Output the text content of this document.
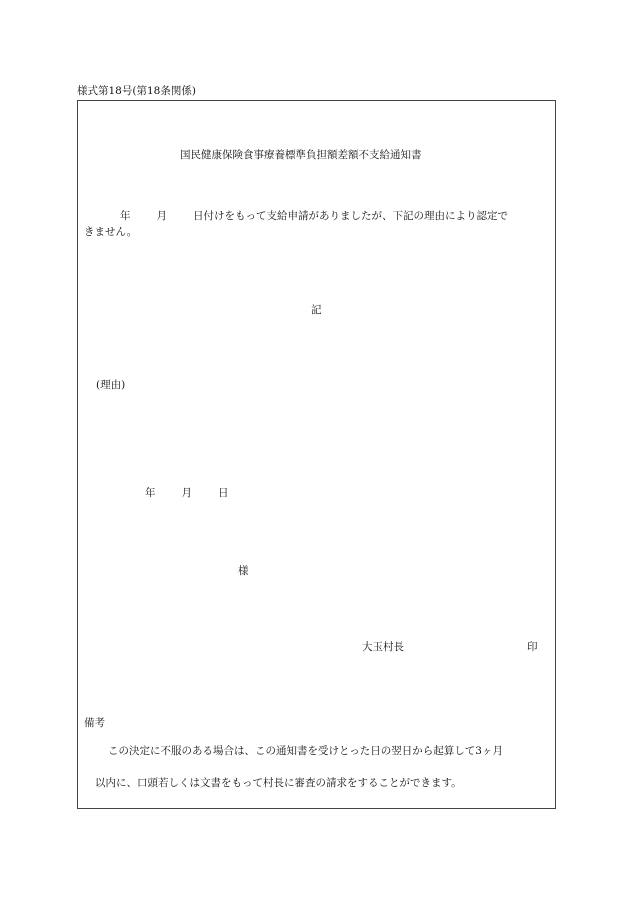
様式第18号(第18条関係)
国民健康保険食事療養標準負担額差額不支給通知書
年 月 日付けをもって支給申請がありましたが、下記の理由により認定で
きません。
記
(理由)
年 月 日
様
大玉村長	印
備考
この決定に不服のある場合は、この通知書を受けとった日の翌日から起算して3ヶ月
以内に、口頭若しくは文書をもって村長に審査の請求をすることができます。
